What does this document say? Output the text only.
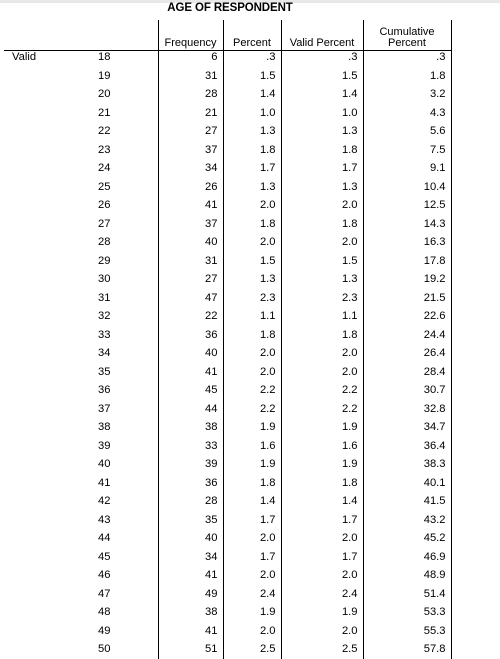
AGE OF RESPONDENT
		Frequency	Percent	Valid Percent	Cumulative
Percent
Valid	18	6	.3	.3	.3
	19	31	1.5	1.5	1.8
	20	28	1.4	1.4	3.2
	21	21	1.0	1.0	4.3
	22	27	1.3	1.3	5.6
	23	37	1.8	1.8	7.5
	24	34	1.7	1.7	9.1
	25	26	1.3	1.3	10.4
	26	41	2.0	2.0	12.5
	27	37	1.8	1.8	14.3
	28	40	2.0	2.0	16.3
	29	31	1.5	1.5	17.8
	30	27	1.3	1.3	19.2
	31	47	2.3	2.3	21.5
	32	22	1.1	1.1	22.6
	33	36	1.8	1.8	24.4
	34	40	2.0	2.0	26.4
	35	41	2.0	2.0	28.4
	36	45	2.2	2.2	30.7
	37	44	2.2	2.2	32.8
	38	38	1.9	1.9	34.7
	39	33	1.6	1.6	36.4
	40	39	1.9	1.9	38.3
	41	36	1.8	1.8	40.1
	42	28	1.4	1.4	41.5
	43	35	1.7	1.7	43.2
	44	40	2.0	2.0	45.2
	45	34	1.7	1.7	46.9
	46	41	2.0	2.0	48.9
	47	49	2.4	2.4	51.4
	48	38	1.9	1.9	53.3
	49	41	2.0	2.0	55.3
	50	51	2.5	2.5	57.8
